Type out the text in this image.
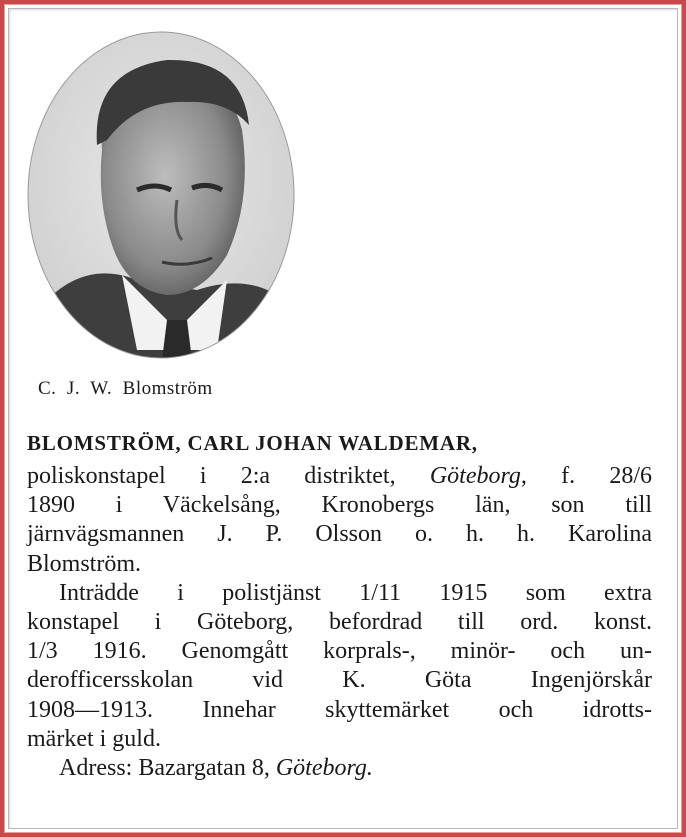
C.  J.  W.  Blomström
BLOMSTRÖM, CARL JOHAN WALDEMAR,
poliskonstapel i 2:a distriktet, Göteborg, f. 28/6
1890 i Väckelsång, Kronobergs län, son till
järnvägsmannen J. P. Olsson o. h. h. Karolina
Blomström.
Inträdde i polistjänst 1/11 1915 som extra
konstapel i Göteborg, befordrad till ord. konst.
1/3 1916. Genomgått korprals-, minör- och un-
derofficersskolan vid K. Göta Ingenjörskår
1908—1913. Innehar skyttemärket och idrotts-
märket i guld.
Adress: Bazargatan 8, Göteborg.
